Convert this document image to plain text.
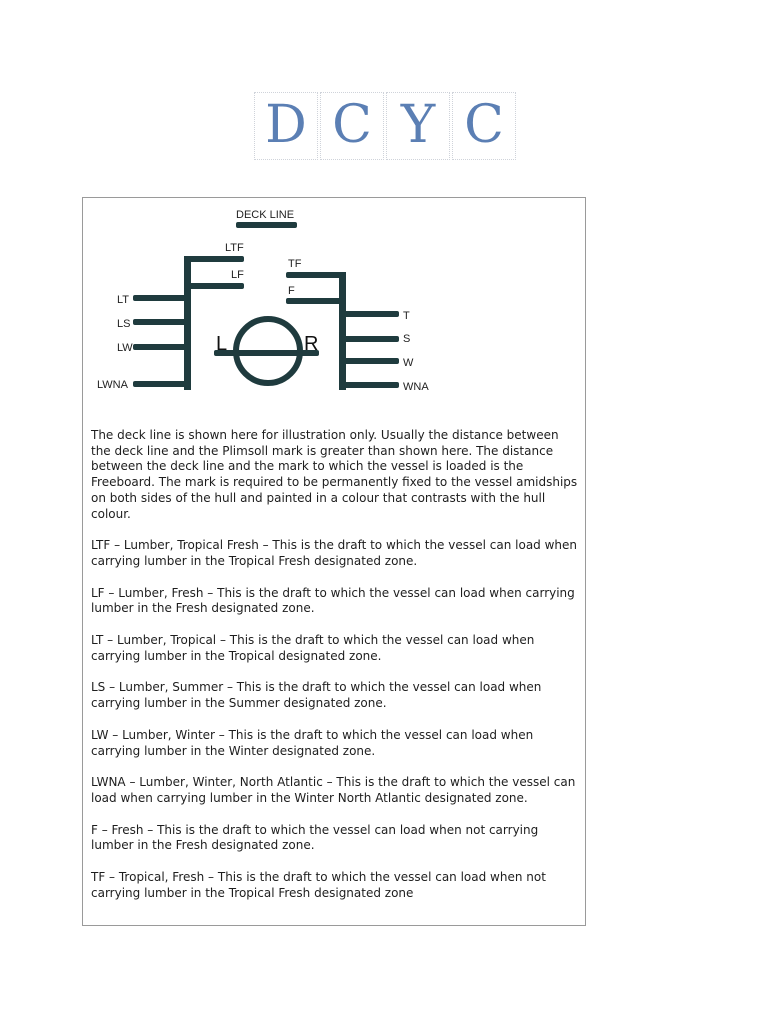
D C Y C
DECK LINE
LTF
LF
LT
LS
LW
LWNA
TF
F
T
S
W
WNA
L	R

The deck line is shown here for illustration only. Usually the distance between the deck line and the Plimsoll mark is greater than shown here. The distance between the deck line and the mark to which the vessel is loaded is the Freeboard. The mark is required to be permanently fixed to the vessel amidships on both sides of the hull and painted in a colour that contrasts with the hull colour.

LTF – Lumber, Tropical Fresh – This is the draft to which the vessel can load when carrying lumber in the Tropical Fresh designated zone.

LF – Lumber, Fresh – This is the draft to which the vessel can load when carrying lumber in the Fresh designated zone.

LT – Lumber, Tropical – This is the draft to which the vessel can load when carrying lumber in the Tropical designated zone.

LS – Lumber, Summer – This is the draft to which the vessel can load when carrying lumber in the Summer designated zone.

LW – Lumber, Winter – This is the draft to which the vessel can load when carrying lumber in the Winter designated zone.

LWNA – Lumber, Winter, North Atlantic – This is the draft to which the vessel can load when carrying lumber in the Winter North Atlantic designated zone.

F – Fresh – This is the draft to which the vessel can load when not carrying lumber in the Fresh designated zone.

TF – Tropical, Fresh – This is the draft to which the vessel can load when not carrying lumber in the Tropical Fresh designated zone
